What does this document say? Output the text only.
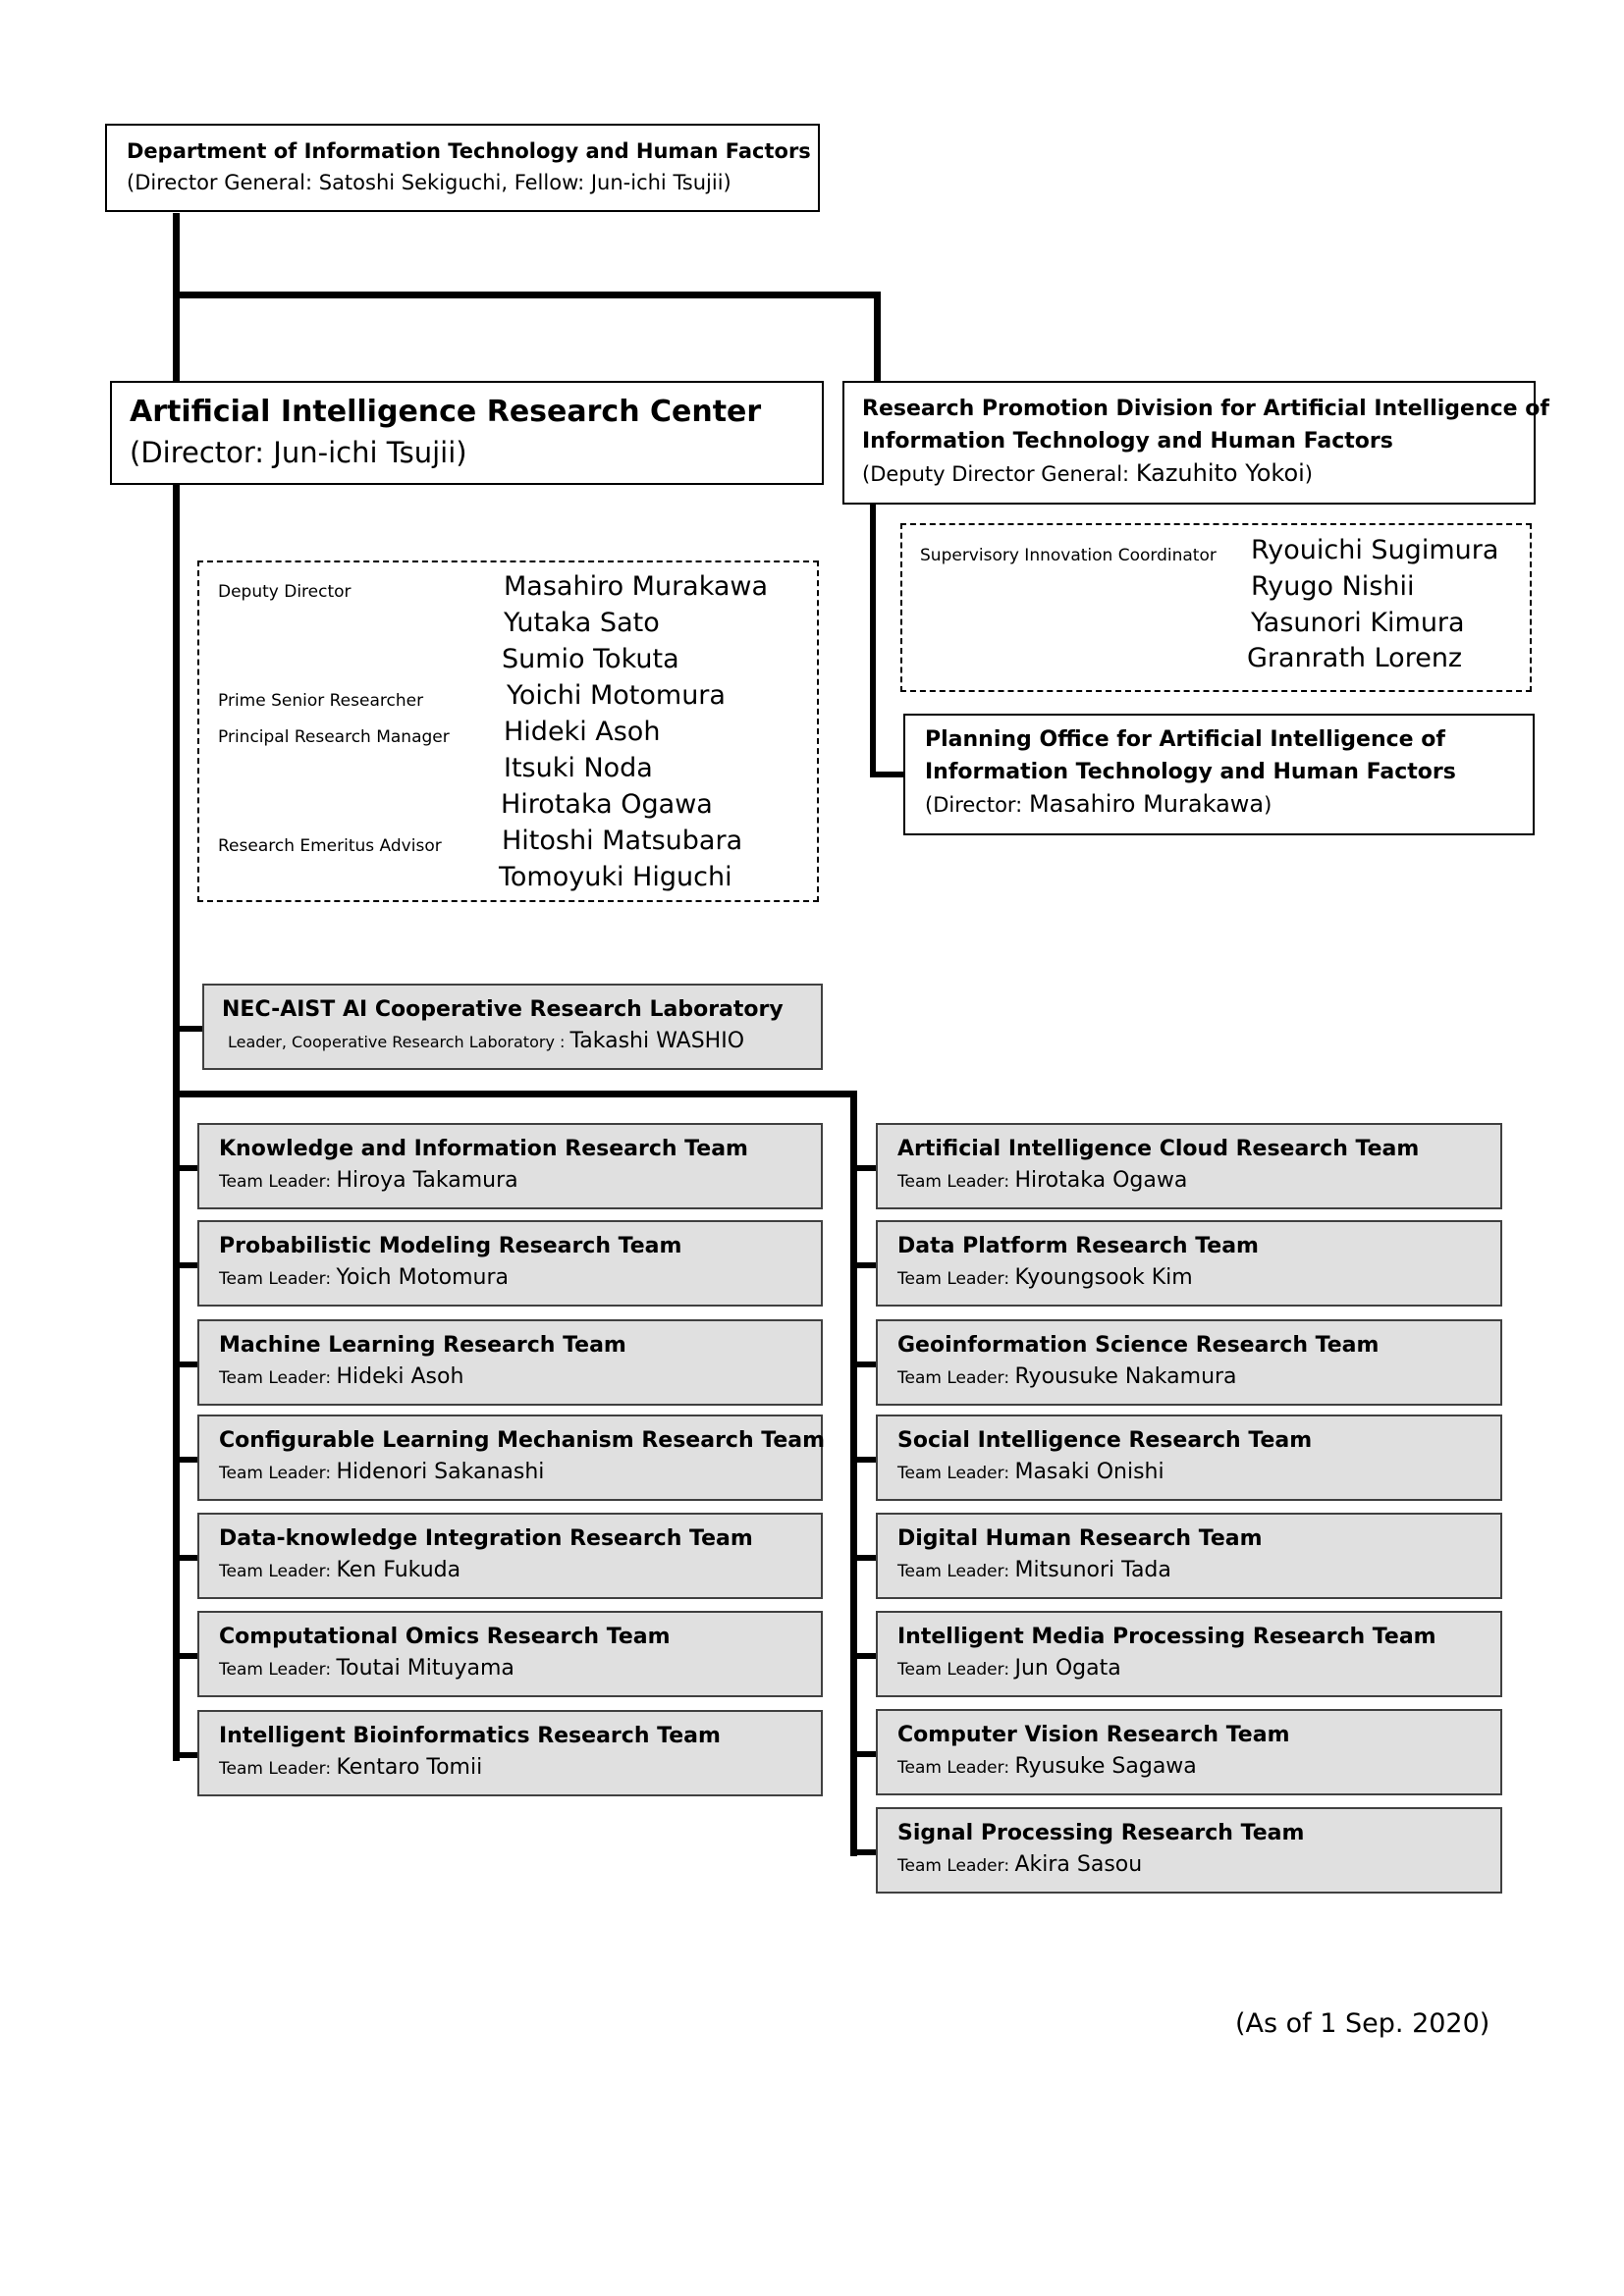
Department of Information Technology and Human Factors
(Director General: Satoshi Sekiguchi, Fellow: Jun-ichi Tsujii)
Artificial Intelligence Research Center
(Director: Jun-ichi Tsujii)
Research Promotion Division for Artificial Intelligence of
Information Technology and Human Factors
(Deputy Director General: Kazuhito Yokoi)
Deputy Director	Masahiro Murakawa
Yutaka Sato
Sumio Tokuta
Prime Senior Researcher	Yoichi Motomura
Principal Research Manager Hideki Asoh
Itsuki Noda
Hirotaka Ogawa
Research Emeritus Advisor Hitoshi Matsubara
Tomoyuki Higuchi
Supervisory Innovation Coordinator Ryouichi Sugimura
Ryugo Nishii
Yasunori Kimura
Granrath Lorenz
Planning Office for Artificial Intelligence of
Information Technology and Human Factors
(Director: Masahiro Murakawa)
NEC-AIST AI Cooperative Research Laboratory
Leader, Cooperative Research Laboratory : Takashi WASHIO
Knowledge and Information Research Team
Team Leader: Hiroya Takamura
Probabilistic Modeling Research Team
Team Leader: Yoich Motomura
Machine Learning Research Team
Team Leader: Hideki Asoh
Configurable Learning Mechanism Research Team
Team Leader: Hidenori Sakanashi
Data-knowledge Integration Research Team
Team Leader: Ken Fukuda
Computational Omics Research Team
Team Leader: Toutai Mituyama
Intelligent Bioinformatics Research Team
Team Leader: Kentaro Tomii
Artificial Intelligence Cloud Research Team
Team Leader: Hirotaka Ogawa
Data Platform Research Team
Team Leader: Kyoungsook Kim
Geoinformation Science Research Team
Team Leader: Ryousuke Nakamura
Social Intelligence Research Team
Team Leader: Masaki Onishi
Digital Human Research Team
Team Leader: Mitsunori Tada
Intelligent Media Processing Research Team
Team Leader: Jun Ogata
Computer Vision Research Team
Team Leader: Ryusuke Sagawa
Signal Processing Research Team
Team Leader: Akira Sasou
(As of 1 Sep. 2020)
